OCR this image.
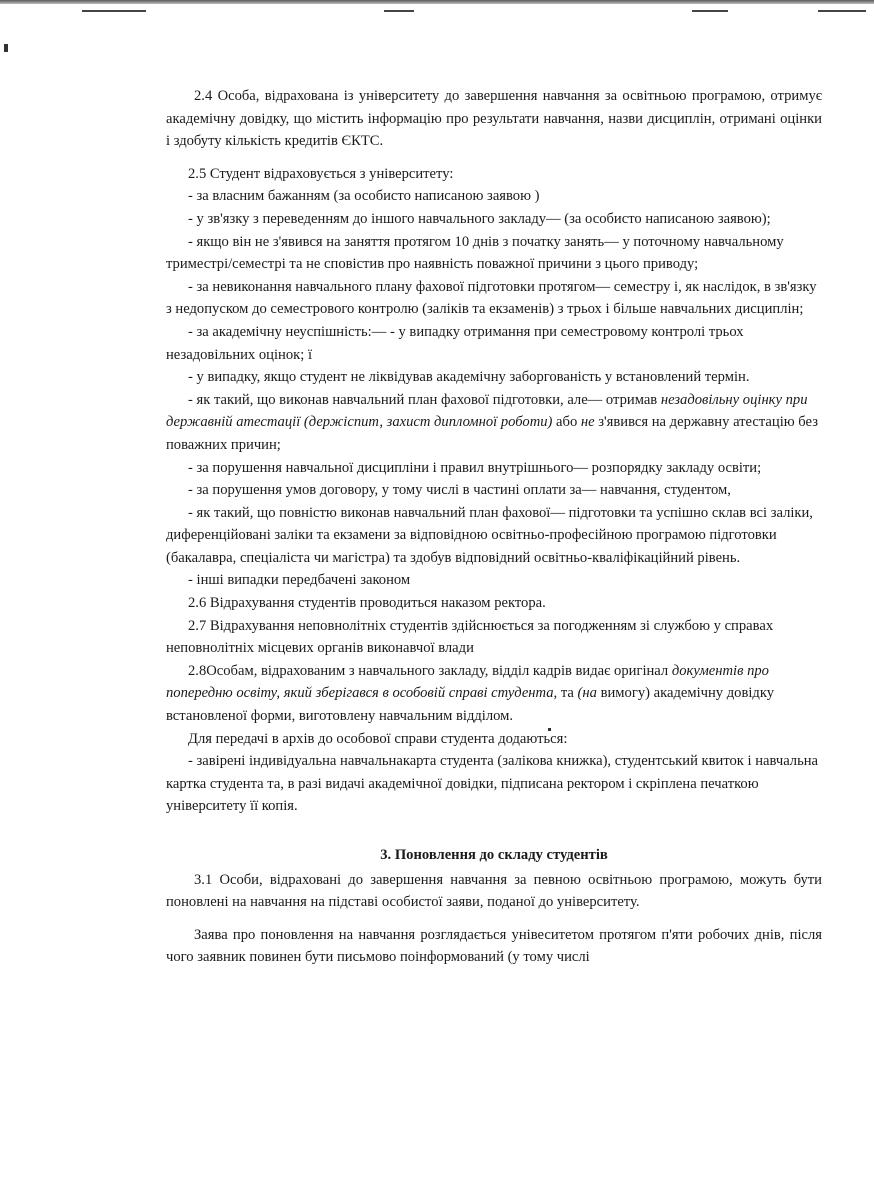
2.4 Особа, відрахована із університету до завершення навчання за освітньою програмою, отримує академічну довідку, що містить інформацію про результати навчання, назви дисциплін, отримані оцінки і здобуту кількість кредитів ЄКТС.

2.5 Студент відраховується з університету:

- за власним бажанням (за особисто написаною заявою )

- у зв'язку з переведенням до іншого навчального закладу— (за особисто написаною заявою);

- якщо він не з'явився на заняття протягом 10 днів з початку занять— у поточному навчальному триместрі/семестрі та не сповістив про наявність поважної причини з цього приводу;

- за невиконання навчального плану фахової підготовки протягом— семестру і, як наслідок, в зв'язку з недопуском до семестрового контролю (заліків та екзаменів) з трьох і більше навчальних дисциплін;

- за академічну неуспішність:— - у випадку отримання при семестровому контролі трьох незадовільних оцінок; ї

- у випадку, якщо студент не ліквідував академічну заборгованість у встановлений термін.

- як такий, що виконав навчальний план фахової підготовки, але— отримав незадовільну оцінку при державній атестації (держіспит, захист дипломної роботи) або не з'явився на державну атестацію без поважних причин;

- за порушення навчальної дисципліни і правил внутрішнього— розпорядку закладу освіти;

- за порушення умов договору, у тому числі в частині оплати за— навчання, студентом,

- як такий, що повністю виконав навчальний план фахової— підготовки та успішно склав всі заліки, диференційовані заліки та екзамени за відповідною освітньо-професійною програмою підготовки (бакалавра, спеціаліста чи магістра) та здобув відповідний освітньо-кваліфікаційний рівень.

- інші випадки передбачені законом

2.6 Відрахування студентів проводиться наказом ректора.

2.7 Відрахування неповнолітніх студентів здійснюється за погодженням зі службою у справах неповнолітніх місцевих органів виконавчої влади

2.8Особам, відрахованим з навчального закладу, відділ кадрів видає оригінал документів про попередню освіту, який зберігався в особовій справі студента, та (на вимогу) академічну довідку встановленої форми, виготовлену навчальним відділом.

Для передачі в архів до особової справи студента додаються:

- завірені індивідуальна навчальнакарта студента (залікова книжка), студентський квиток і навчальна картка студента та, в разі видачі академічної довідки, підписана ректором і скріплена печаткою університету її копія.

3. Поновлення до складу студентів

3.1 Особи, відраховані до завершення навчання за певною освітньою програмою, можуть бути поновлені на навчання на підставі особистої заяви, поданої до університету.

Заява про поновлення на навчання розглядається унівеситетом протягом п'яти робочих днів, після чого заявник повинен бути письмово поінформований (у тому числі
